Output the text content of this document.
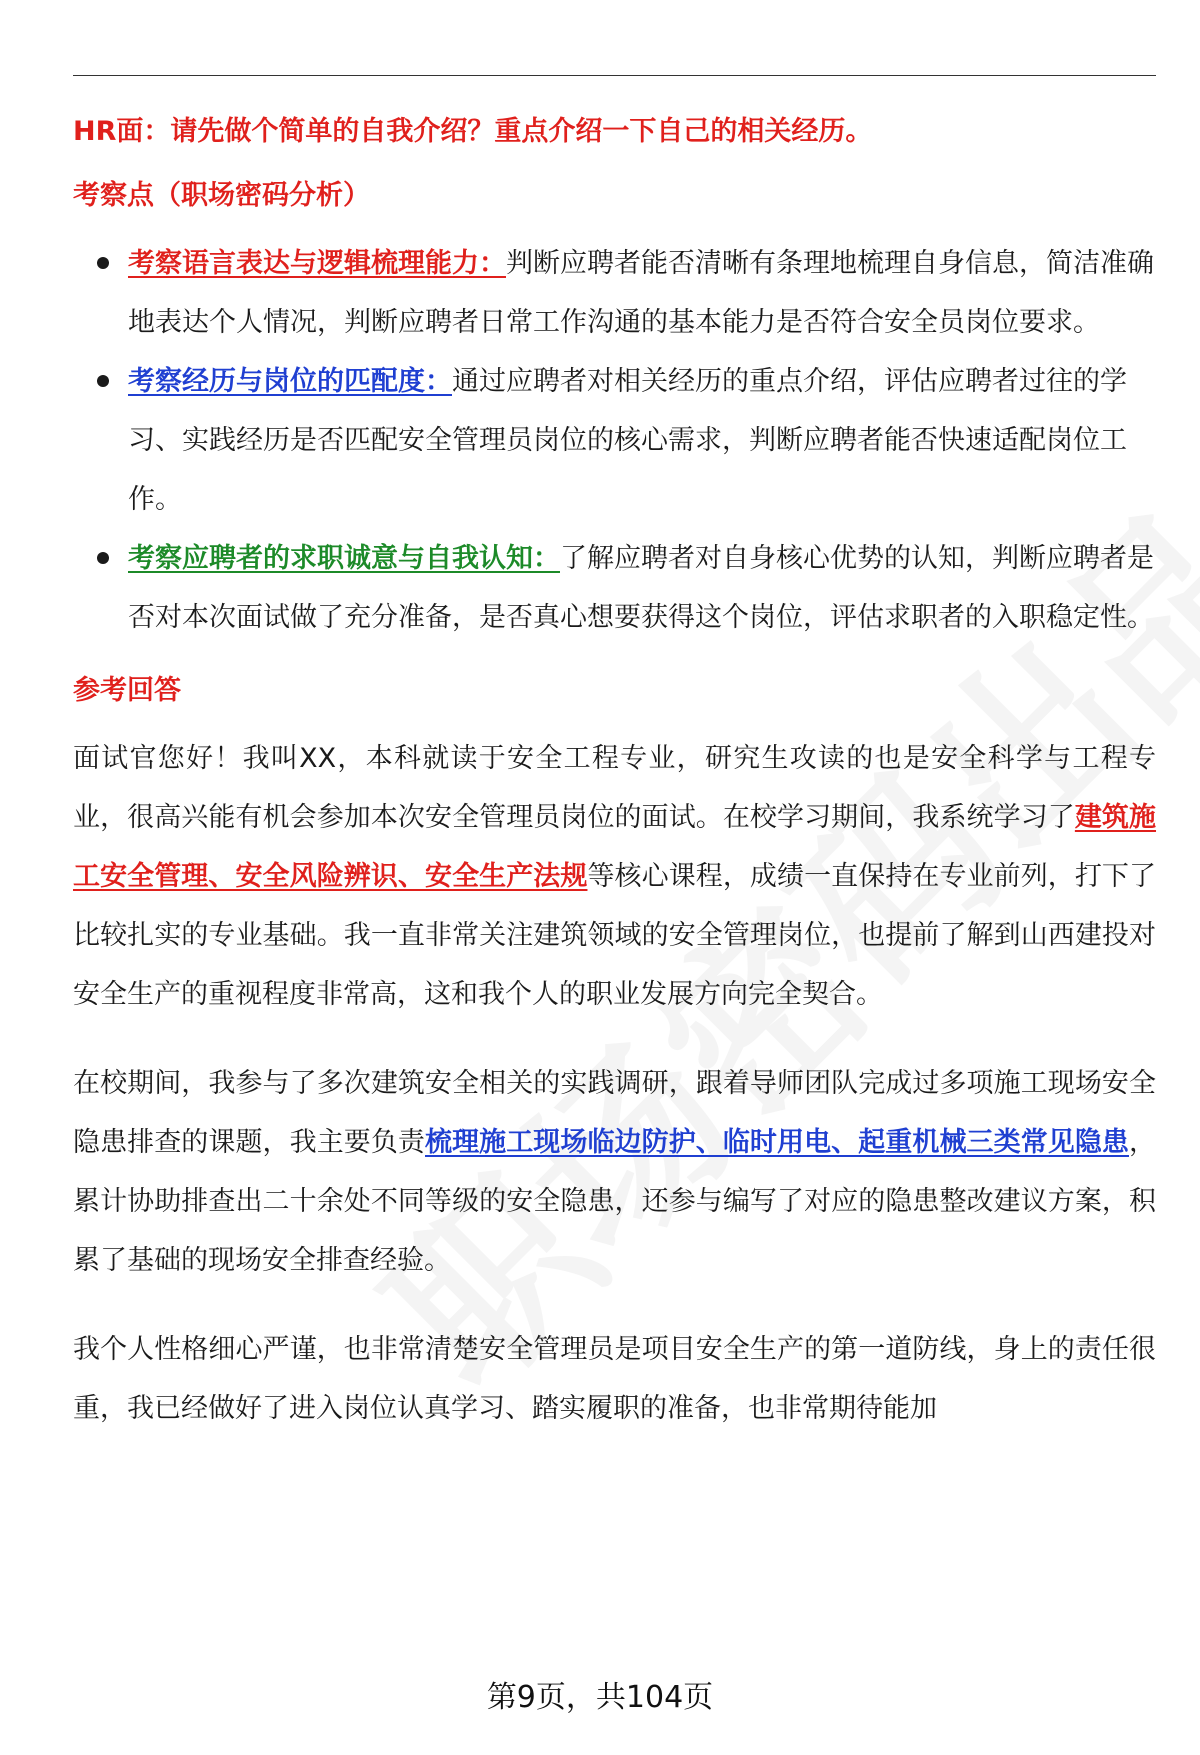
HR面：请先做个简单的自我介绍？重点介绍一下自己的相关经历。

考察点（职场密码分析）

考察语言表达与逻辑梳理能力：判断应聘者能否清晰有条理地梳理自身信息，简洁准确地表达个人情况，判断应聘者日常工作沟通的基本能力是否符合安全员岗位要求。
考察经历与岗位的匹配度：通过应聘者对相关经历的重点介绍，评估应聘者过往的学习、实践经历是否匹配安全管理员岗位的核心需求，判断应聘者能否快速适配岗位工作。
考察应聘者的求职诚意与自我认知：了解应聘者对自身核心优势的认知，判断应聘者是否对本次面试做了充分准备，是否真心想要获得这个岗位，评估求职者的入职稳定性。

参考回答

面试官您好！我叫XX，本科就读于安全工程专业，研究生攻读的也是安全科学与工程专业，很高兴能有机会参加本次安全管理员岗位的面试。在校学习期间，我系统学习了建筑施工安全管理、安全风险辨识、安全生产法规等核心课程，成绩一直保持在专业前列，打下了比较扎实的专业基础。我一直非常关注建筑领域的安全管理岗位，也提前了解到山西建投对安全生产的重视程度非常高，这和我个人的职业发展方向完全契合。

在校期间，我参与了多次建筑安全相关的实践调研，跟着导师团队完成过多项施工现场安全隐患排查的课题，我主要负责梳理施工现场临边防护、临时用电、起重机械三类常见隐患，累计协助排查出二十余处不同等级的安全隐患，还参与编写了对应的隐患整改建议方案，积累了基础的现场安全排查经验。

我个人性格细心严谨，也非常清楚安全管理员是项目安全生产的第一道防线，身上的责任很重，我已经做好了进入岗位认真学习、踏实履职的准备，也非常期待能加

第9页，共104页
